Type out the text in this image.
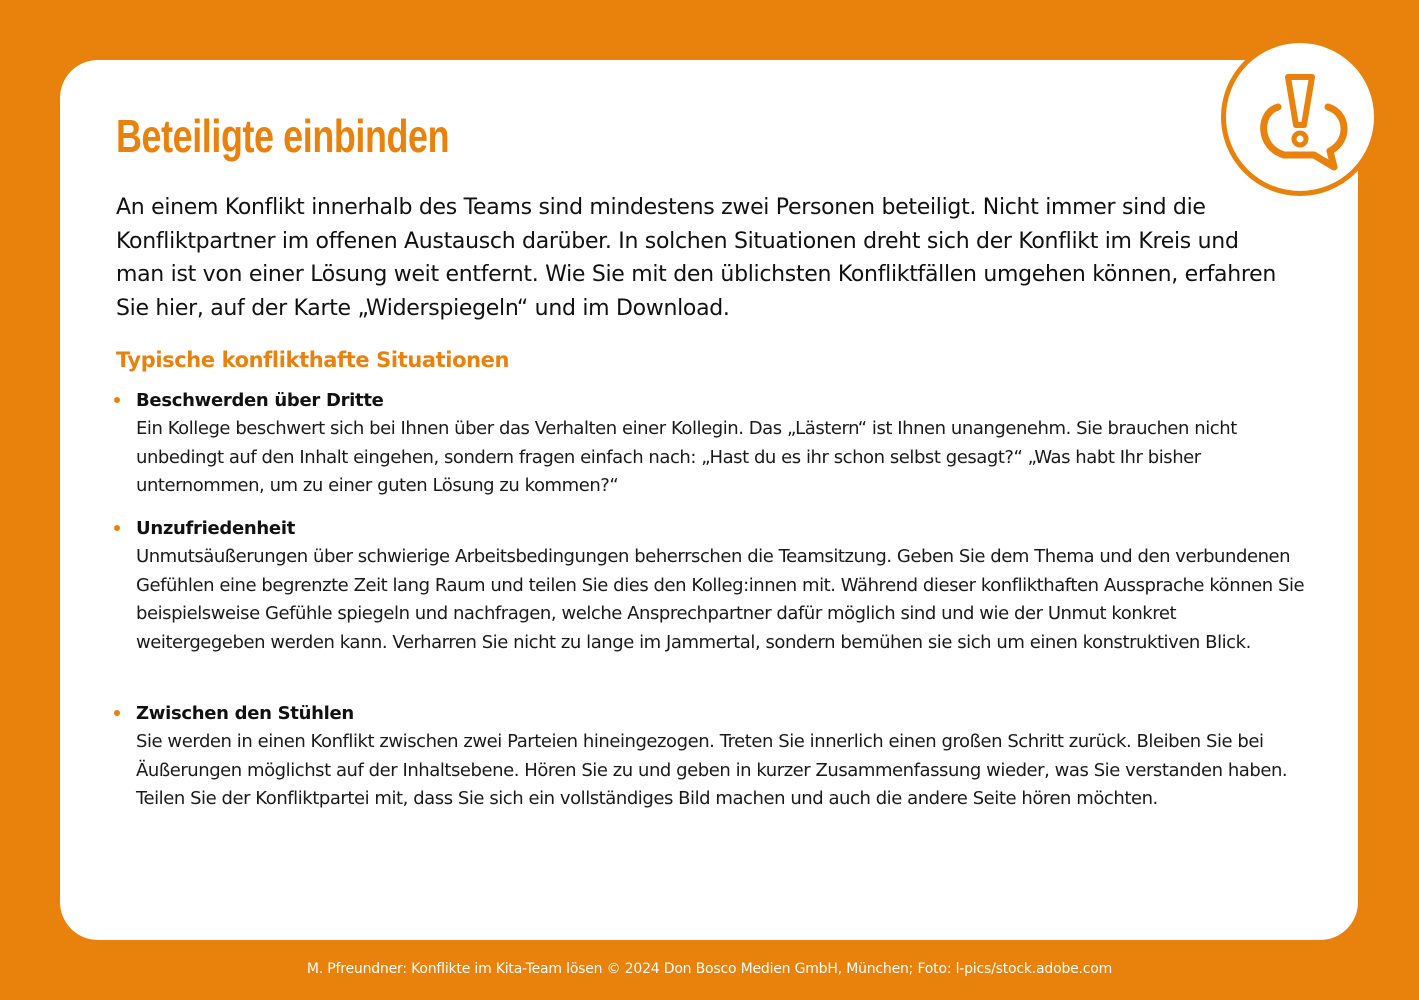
Beteiligte einbinden

An einem Konflikt innerhalb des Teams sind mindestens zwei Personen beteiligt. Nicht immer sind die Konfliktpartner im offenen Austausch darüber. In solchen Situationen dreht sich der Konflikt im Kreis und man ist von einer Lösung weit entfernt. Wie Sie mit den üblichsten Konfliktfällen umgehen können, erfahren Sie hier, auf der Karte „Widerspiegeln“ und im Download.

Typische konflikthafte Situationen

Beschwerden über Dritte

Ein Kollege beschwert sich bei Ihnen über das Verhalten einer Kollegin. Das „Lästern“ ist Ihnen unangenehm. Sie brauchen nicht unbedingt auf den Inhalt eingehen, sondern fragen einfach nach: „Hast du es ihr schon selbst gesagt?“ „Was habt Ihr bisher unternommen, um zu einer guten Lösung zu kommen?“

Unzufriedenheit

Unmutsäußerungen über schwierige Arbeitsbedingungen beherrschen die Teamsitzung. Geben Sie dem Thema und den verbundenen Gefühlen eine begrenzte Zeit lang Raum und teilen Sie dies den Kolleg:innen mit. Während dieser konflikthaften Aussprache können Sie beispielsweise Gefühle spiegeln und nachfragen, welche Ansprechpartner dafür möglich sind und wie der Unmut konkret weitergegeben werden kann. Verharren Sie nicht zu lange im Jammertal, sondern bemühen sie sich um einen konstruktiven Blick.

Zwischen den Stühlen

Sie werden in einen Konflikt zwischen zwei Parteien hineingezogen. Treten Sie innerlich einen großen Schritt zurück. Bleiben Sie bei Äußerungen möglichst auf der Inhaltsebene. Hören Sie zu und geben in kurzer Zusammenfassung wieder, was Sie verstanden haben. Teilen Sie der Konfliktpartei mit, dass Sie sich ein vollständiges Bild machen und auch die andere Seite hören möchten.

M. Pfreundner: Konflikte im Kita-Team lösen © 2024 Don Bosco Medien GmbH, München; Foto: l-pics/stock.adobe.com
